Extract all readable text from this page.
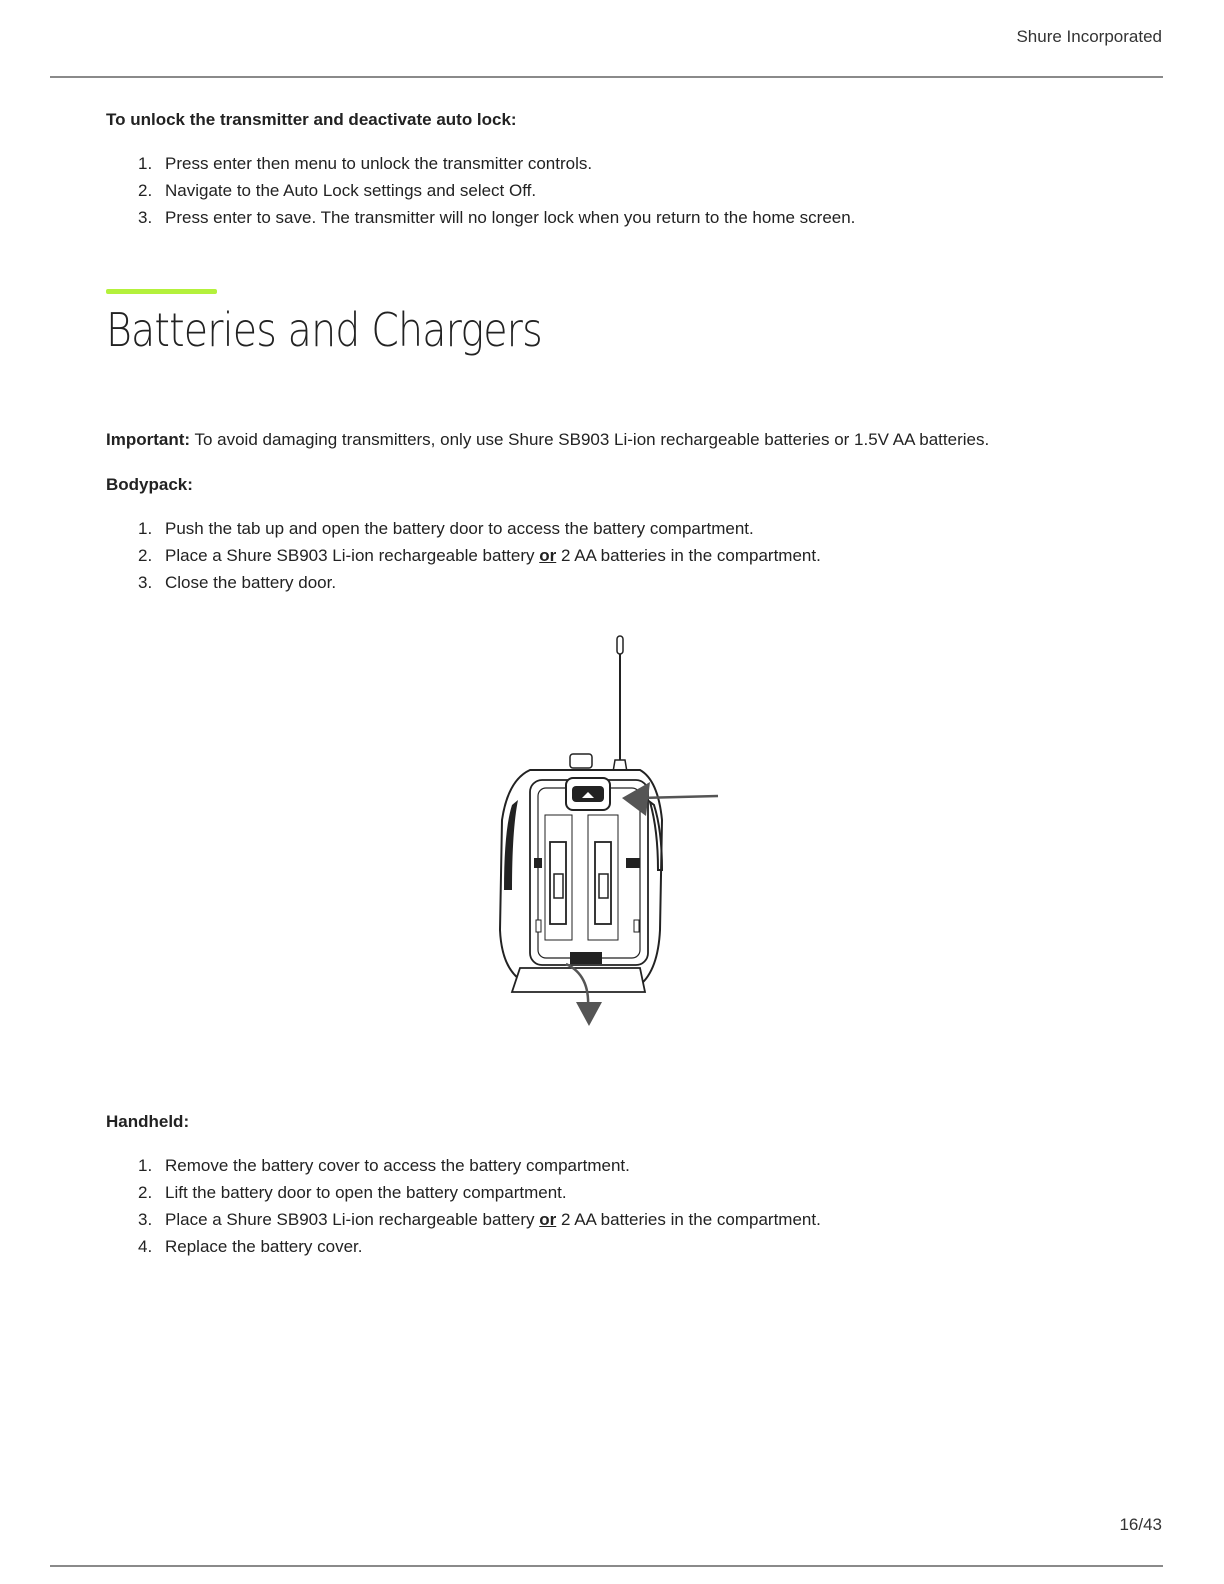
Shure Incorporated

To unlock the transmitter and deactivate auto lock:

1. Press enter then menu to unlock the transmitter controls.
2. Navigate to the Auto Lock settings and select Off.
3. Press enter to save. The transmitter will no longer lock when you return to the home screen.
Batteries and Chargers

Important: To avoid damaging transmitters, only use Shure SB903 Li-ion rechargeable batteries or 1.5V AA batteries.

Bodypack:

1. Push the tab up and open the battery door to access the battery compartment.
2. Place a Shure SB903 Li-ion rechargeable battery or 2 AA batteries in the compartment.
3. Close the battery door.

Handheld:

1. Remove the battery cover to access the battery compartment.
2. Lift the battery door to open the battery compartment.
3. Place a Shure SB903 Li-ion rechargeable battery or 2 AA batteries in the compartment.
4. Replace the battery cover.
16/43
